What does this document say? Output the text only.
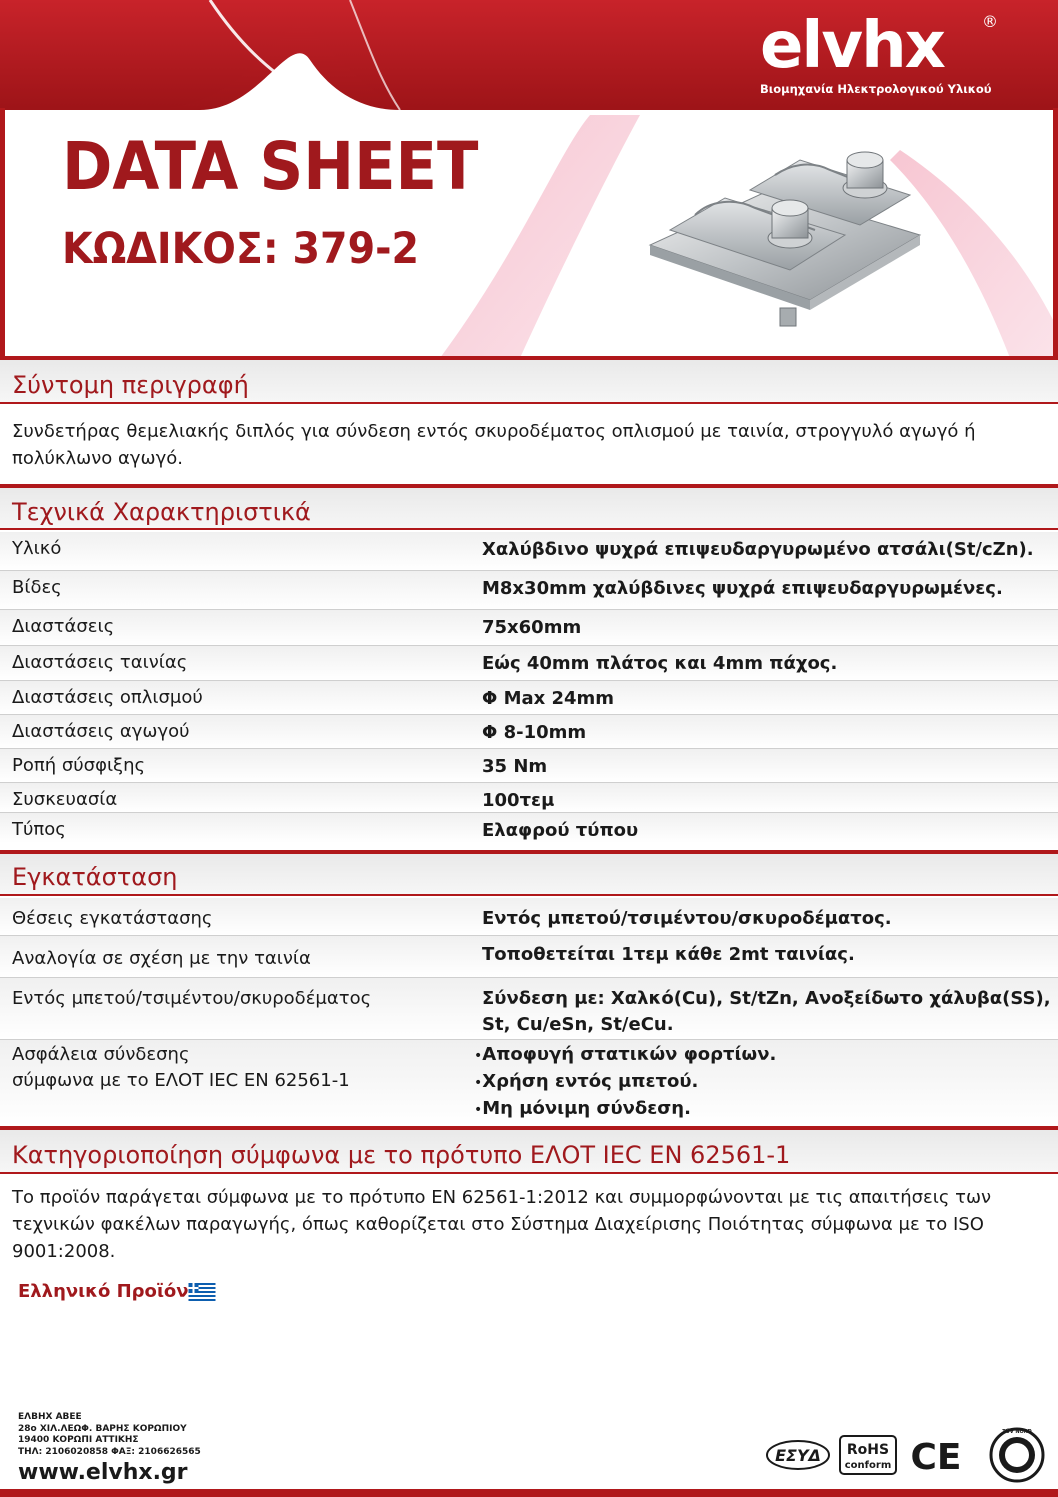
elvhx ®
Βιομηχανία Ηλεκτρολογικού Υλικού
DATA SHEET
ΚΩΔΙΚΟΣ: 379-2
Σύντομη περιγραφή
Συνδετήρας θεμελιακής διπλός για σύνδεση εντός σκυροδέματος οπλισμού με ταινία, στρογγυλό αγωγό ή πολύκλωνο αγωγό.
Τεχνικά Χαρακτηριστικά
Υλικό	Χαλύβδινο ψυχρά επιψευδαργυρωμένο ατσάλι(St/cZn).
Βίδες	M8x30mm χαλύβδινες ψυχρά επιψευδαργυρωμένες.
Διαστάσεις	75x60mm
Διαστάσεις ταινίας	Εώς 40mm πλάτος και 4mm πάχος.
Διαστάσεις οπλισμού	Φ Max 24mm
Διαστάσεις αγωγού	Φ 8-10mm
Ροπή σύσφιξης	35 Nm
Συσκευασία	100τεμ
Τύπος	Ελαφρού τύπου
Εγκατάσταση
Θέσεις εγκατάστασης	Εντός μπετού/τσιμέντου/σκυροδέματος.
Αναλογία σε σχέση με την ταινία	Τοποθετείται 1τεμ κάθε 2mt ταινίας.
Εντός μπετού/τσιμέντου/σκυροδέματος	Σύνδεση με: Χαλκό(Cu), St/tZn, Ανοξείδωτο χάλυβα(SS),
St, Cu/eSn, St/eCu.
Ασφάλεια σύνδεσης
σύμφωνα με το ΕΛΟΤ IEC EN 62561-1
•Αποφυγή στατικών φορτίων.
•Χρήση εντός μπετού.
•Μη μόνιμη σύνδεση.
Κατηγοριοποίηση σύμφωνα με το πρότυπο ΕΛΟΤ IEC EN 62561-1
Το προϊόν παράγεται σύμφωνα με το πρότυπο EN 62561-1:2012 και συμμορφώνονται με τις απαιτήσεις των τεχνικών φακέλων παραγωγής, όπως καθορίζεται στο Σύστημα Διαχείρισης Ποιότητας σύμφωνα με το ISO 9001:2008.
Ελληνικό Προϊόν
ΕΛΒΗΧ ΑΒΕΕ
28ο ΧΙΛ.ΛΕΩΦ. ΒΑΡΗΣ ΚΟΡΩΠΙΟΥ
19400 ΚΟΡΩΠΙ ΑΤΤΙΚΗΣ
ΤΗΛ: 2106020858 ΦΑΞ: 2106626565
www.elvhx.gr
ΕΣΥΔ RoHS
conform CE
TÜV NORD
